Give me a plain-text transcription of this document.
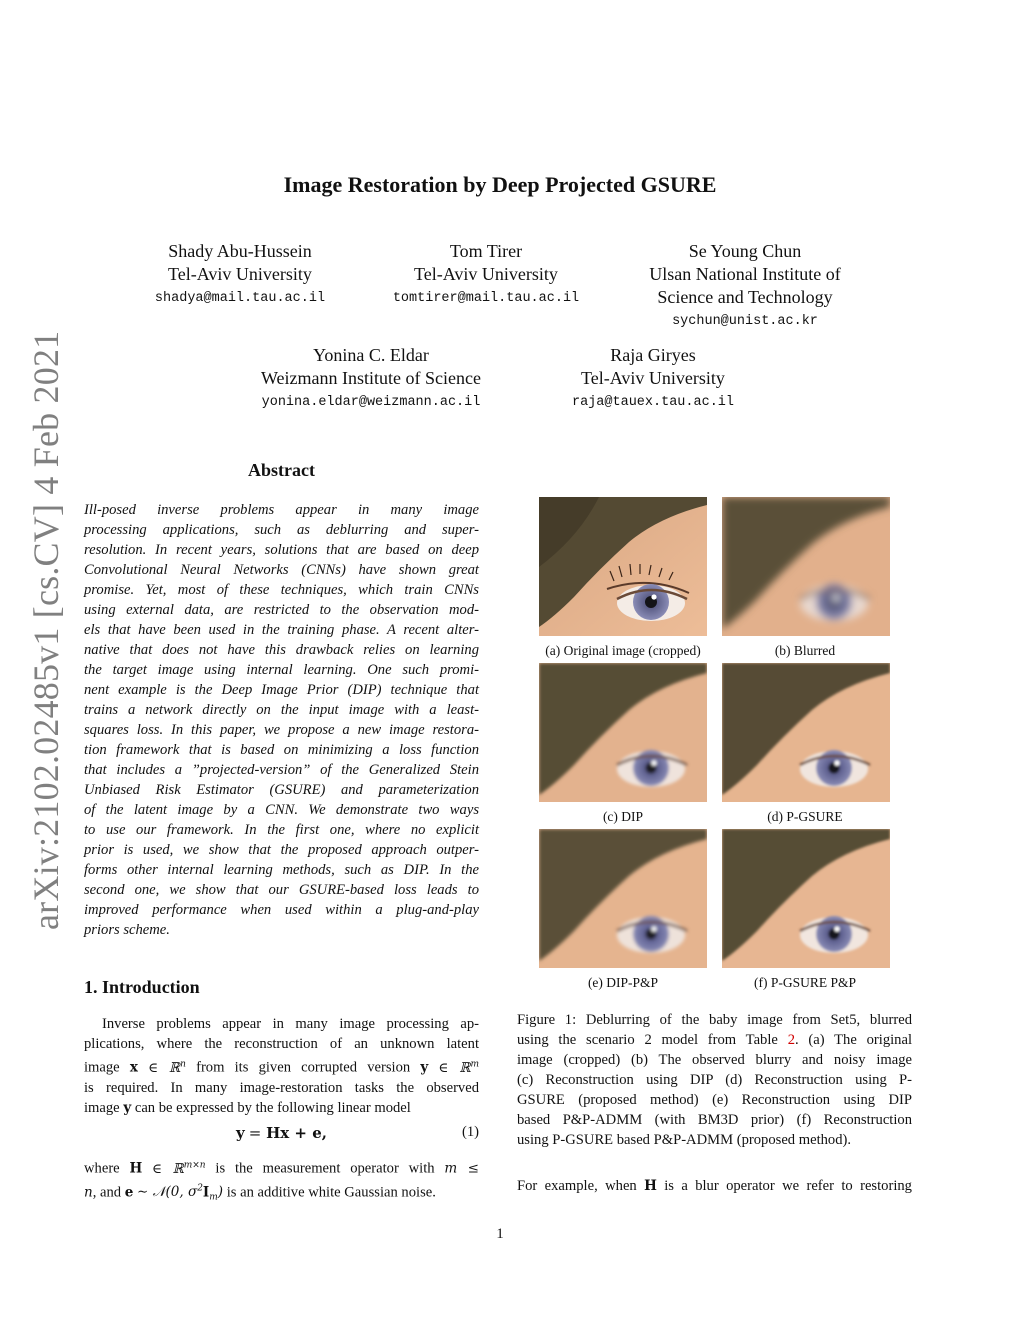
arXiv:2102.02485v1 [cs.CV] 4 Feb 2021
Image Restoration by Deep Projected GSURE
Shady Abu-Hussein
Tel-Aviv University
shadya@mail.tau.ac.il
Tom Tirer
Tel-Aviv University
tomtirer@mail.tau.ac.il
Se Young Chun
Ulsan National Institute of
Science and Technology
sychun@unist.ac.kr
Yonina C. Eldar
Weizmann Institute of Science
yonina.eldar@weizmann.ac.il
Raja Giryes
Tel-Aviv University
raja@tauex.tau.ac.il
Abstract
Ill-posed inverse problems appear in many image
processing applications, such as deblurring and super-
resolution. In recent years, solutions that are based on deep
Convolutional Neural Networks (CNNs) have shown great
promise. Yet, most of these techniques, which train CNNs
using external data, are restricted to the observation mod-
els that have been used in the training phase. A recent alter-
native that does not have this drawback relies on learning
the target image using internal learning. One such promi-
nent example is the Deep Image Prior (DIP) technique that
trains a network directly on the input image with a least-
squares loss. In this paper, we propose a new image restora-
tion framework that is based on minimizing a loss function
that includes a ”projected-version” of the Generalized Stein
Unbiased Risk Estimator (GSURE) and parameterization
of the latent image by a CNN. We demonstrate two ways
to use our framework. In the first one, where no explicit
prior is used, we show that the proposed approach outper-
forms other internal learning methods, such as DIP. In the
second one, we show that our GSURE-based loss leads to
improved performance when used within a plug-and-play
priors scheme.
1. Introduction
Inverse problems appear in many image processing ap-
plications, where the reconstruction of an unknown latent
image x ∈ ℝ$^n$ from its given corrupted version y ∈ ℝ$^m$
is required. In many image-restoration tasks the observed
image y can be expressed by the following linear model
y = Hx + e,	(1)
where H ∈ ℝ$^{m\times n}$ is the measurement operator with m ≤
n, and e ∼ 𝒩(0, $\sigma^2I_m$) is an additive white Gaussian noise.
(a) Original image (cropped)	(b) Blurred
(c) DIP	(d) P-GSURE
(e) DIP-P&P	(f) P-GSURE P&P
Figure 1: Deblurring of the baby image from Set5, blurred
using the scenario 2 model from Table 2. (a) The original
image (cropped) (b) The observed blurry and noisy image
(c) Reconstruction using DIP (d) Reconstruction using P-
GSURE (proposed method) (e) Reconstruction using DIP
based P&P-ADMM (with BM3D prior) (f) Reconstruction
using P-GSURE based P&P-ADMM (proposed method).
For example, when H is a blur operator we refer to restoring
1
